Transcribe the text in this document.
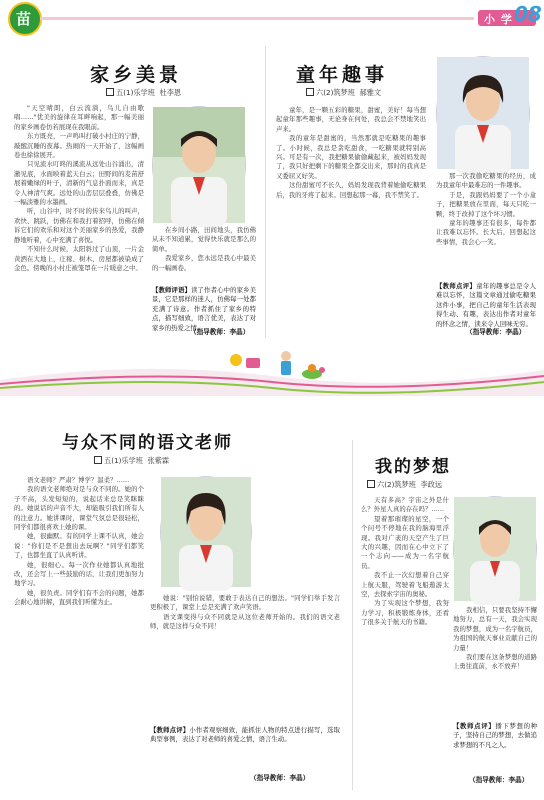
苗	小 学 08
家乡美景
五(1)乐学班 杜李恩
"天空晴朗，白云流淌，鸟儿自由歌唱……"优美的旋律在耳畔响起，那一幅美丽的家乡画卷仿若展现在我眼前。
东方既亮，一声鸣叫打破小村庄的宁静，敲醒沉睡的夜幕。热闹的一天开始了，这幅画卷也徐徐展开。
只见流水叮咚的溪流从远处山谷涌出，清澈见底，水面映着蓝天白云；田野间的麦苗舒展着嫩绿的叶子，清新的气息扑面而来，真是令人神清气爽。远处的山峦层层叠叠，仿佛是一幅淡雅的水墨画。
听，山谷中，时不时的传来鸟儿的叫声，欢快、跳跃，仿佛在和我打着招呼，仿佛在倾诉它们的欢乐和对这个美丽家乡的热爱，我静静地听着，心中充满了喜悦。
不知什么时候，太阳斜过了山顶，一片金黄洒在大地上，庄稼、树木、房屋都被染成了金色。傍晚的小村庄被笼罩在一片暖意之中。
在乡间小路，田间地头，我仿佛从未不知道累，觉得快乐就是那么的简单。
我爱家乡，您永远是我心中最美的一幅画卷。
【教师评语】读了作者心中的家乡美景，它是那样的迷人，仿佛每一处都充满了诗意。作者抓住了家乡的特点，描写细致，语言优美，表达了对家乡的热爱之情。
（指导教师：李晶）
童年趣事
六(2)筑梦班 郝雅文
童年，是一颗五彩的糖果，甜蜜，美好！每当想起童年那些趣事，无论身在何处，我总会不禁地笑出声来。
我的童年是甜蜜的，当然那就是吃糖果的趣事了。小时候，我总是贪吃甜食，一吃糖果就特别高兴。可是有一次，我把糖果偷偷藏起来，被妈妈发现了，我只好把剩下的糖果全都交出来，那时的我真是又委屈又好笑。
这份甜蜜可不长久，妈妈发现我背着她偷吃糖果后，我的牙疼了起来。回想起那一幕，我不禁笑了。
那一次我偷吃糖果的经历，成为我童年中最难忘的一件趣事。
于是，我跟妈妈要了一个小盒子，把糖果放在里面，每天只吃一颗，终于改掉了这个坏习惯。
童年的趣事还有很多，每件都让我难以忘怀。长大后，回想起这些事情，我会心一笑。
【教师点评】童年的趣事总是令人难以忘怀，这篇文章通过偷吃糖果这件小事，把自己的童年生活表现得生动、有趣，表达出作者对童年的怀念之情，读来令人回味无穷。
（指导教师：李晶）
与众不同的语文老师
五(1)乐学班 张紫霖
语文老师？严肃？博学？温柔？……
我的语文老师绝对是与众不同的。她的个子不高，头发短短的，说起话来总是笑眯眯的。她说话的声音不大，却能吸引我们所有人的注意力。她讲课时，课堂气氛总是很轻松，同学们都很喜欢上她的课。
她，很幽默。有的同学上课不认真，她会说："你们是不是想出去玩啊？"同学们都笑了，也都坐直了认真听讲。
她，很细心。每一次作业她都认真地批改，还会写上一些鼓励的话，让我们更加努力地学习。
她，很负责。同学们有不会的问题，她都会耐心地讲解，直到我们听懂为止。
她说："别怕说错，要敢于表达自己的想法。"同学们举手发言更积极了，课堂上总是充满了欢声笑语。
语文课变得与众不同就是从这位老师开始的。我们的语文老师，就是这样与众不同！
【教师点评】小作者观察细致，能抓住人物的特点进行描写，选取典型事例，表达了对老师的喜爱之情，语言生动。
（指导教师：李晶）
我的梦想
六(2)筑梦班 李政远
天有多高？宇宙之外是什么？外星人真的存在吗？……
望着那璀璨的星空，一个个问号不停地在我的脑海里浮现。我对广袤的天空产生了巨大的兴趣，因而在心中立下了一个志向——成为一名宇航员。
我不止一次幻想着自己穿上航天服，驾驶着飞船遨游太空，去探索宇宙的奥秘。
为了实现这个梦想，我努力学习，积极锻炼身体，还看了很多关于航天的书籍。
我相信，只要我坚持不懈地努力，总有一天，我会实现我的梦想，成为一名宇航员，为祖国的航天事业贡献自己的力量！
我们要在这条梦想的道路上勇往直前，永不放弃！
【教师点评】播下梦想的种子，坚持自己的梦想，去做追求梦想的不凡之人。
（指导教师：李晶）
